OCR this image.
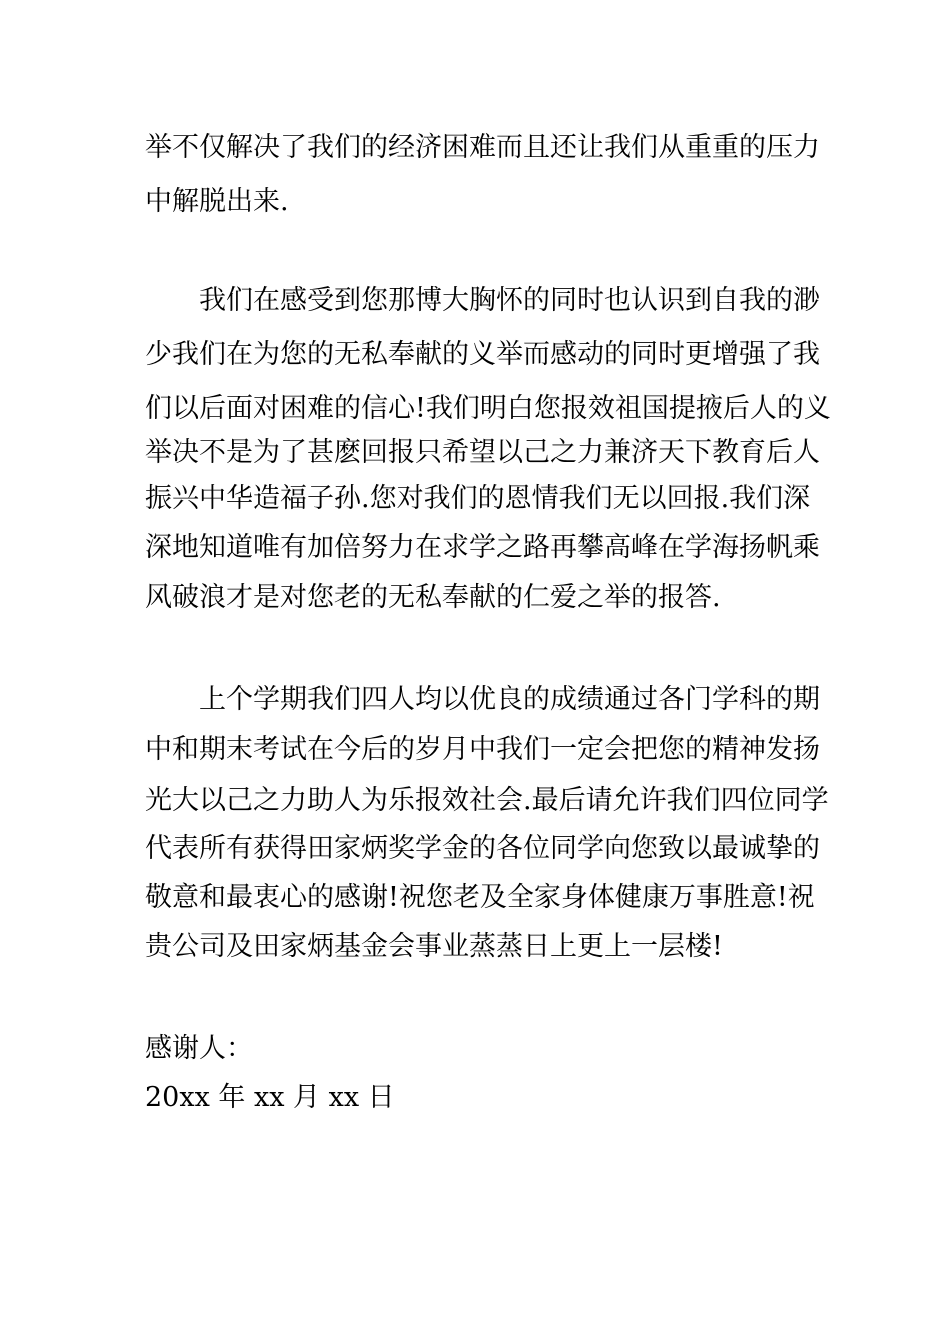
举不仅解决了我们的经济困难而且还让我们从重重的压力
中解脱出来.
我们在感受到您那博大胸怀的同时也认识到自我的渺
少我们在为您的无私奉献的义举而感动的同时更增强了我
们以后面对困难的信心!我们明白您报效祖国提掖后人的义
举决不是为了甚麽回报只希望以己之力兼济天下教育后人
振兴中华造福子孙.您对我们的恩情我们无以回报.我们深
深地知道唯有加倍努力在求学之路再攀高峰在学海扬帆乘
风破浪才是对您老的无私奉献的仁爱之举的报答.
上个学期我们四人均以优良的成绩通过各门学科的期
中和期末考试在今后的岁月中我们一定会把您的精神发扬
光大以己之力助人为乐报效社会.最后请允许我们四位同学
代表所有获得田家炳奖学金的各位同学向您致以最诚挚的
敬意和最衷心的感谢!祝您老及全家身体健康万事胜意!祝
贵公司及田家炳基金会事业蒸蒸日上更上一层楼!
感谢人：
20xx 年 xx 月 xx 日
